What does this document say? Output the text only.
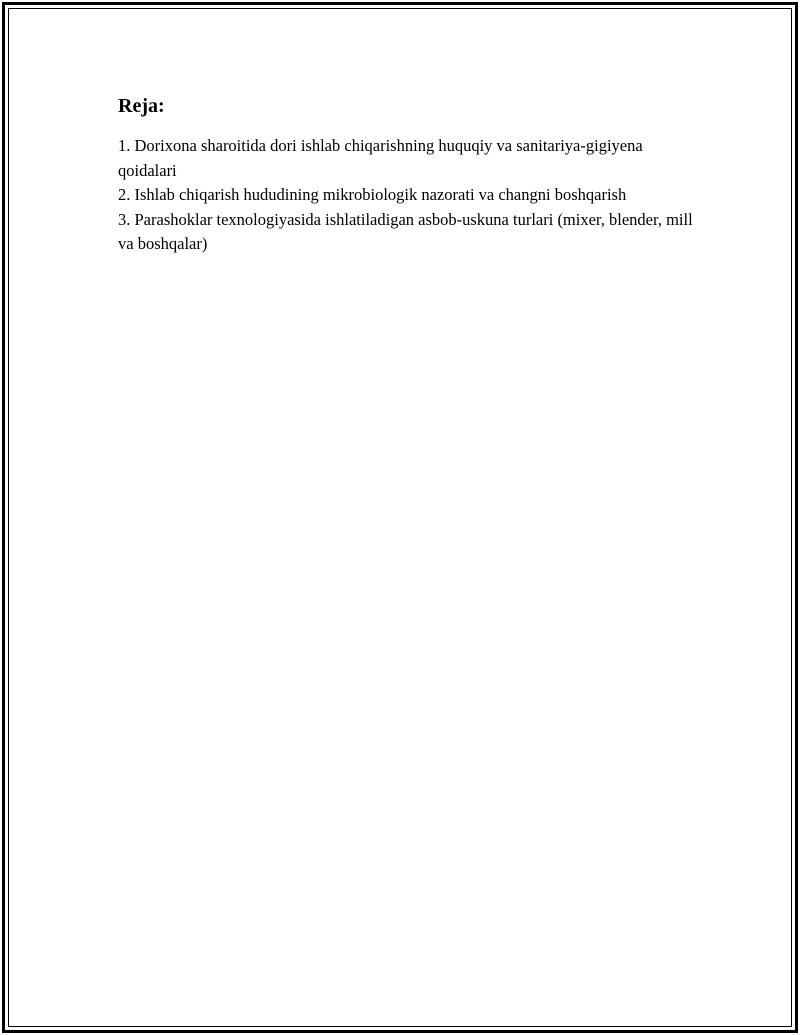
Reja:
1. Dorixona sharoitida dori ishlab chiqarishning huquqiy va sanitariya-gigiyena qoidalari
2. Ishlab chiqarish hududining mikrobiologik nazorati va changni boshqarish
3. Parashoklar texnologiyasida ishlatiladigan asbob-uskuna turlari (mixer, blender, mill va boshqalar)
